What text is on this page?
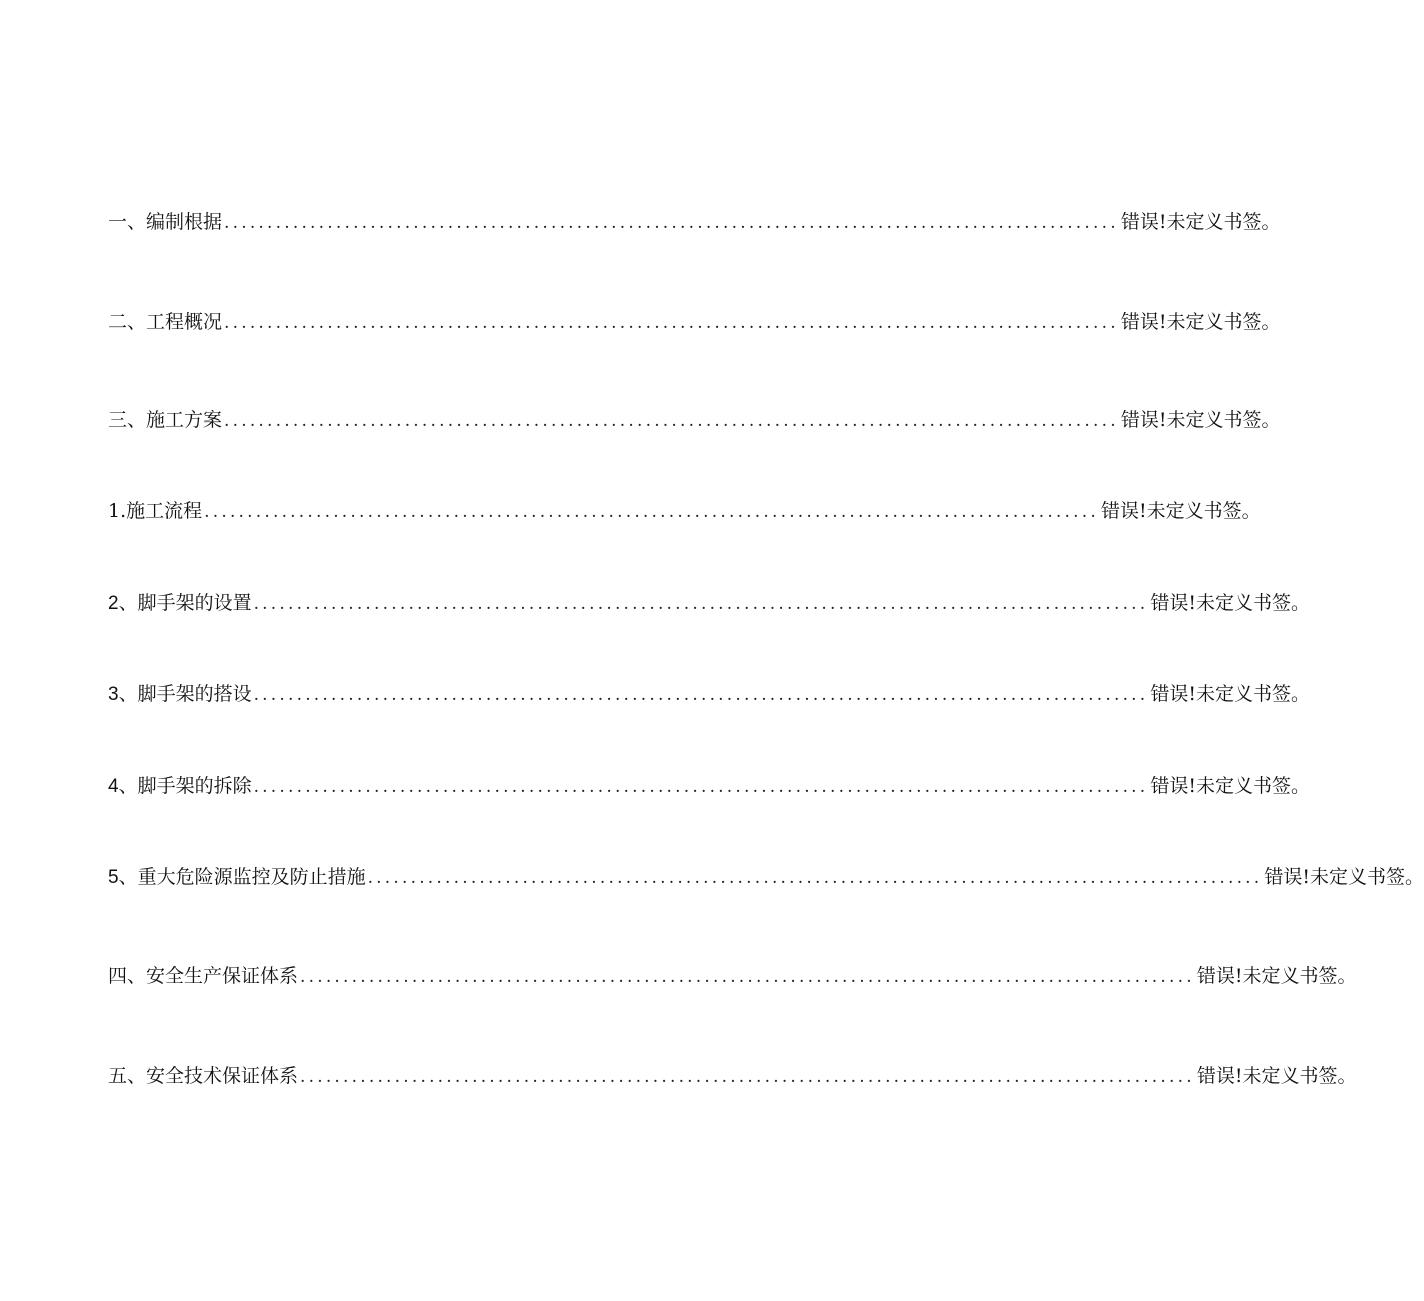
一、编制根据 ........................................................................................................ 错误!未定义书签。
二、工程概况 ........................................................................................................ 错误!未定义书签。
三、施工方案 ........................................................................................................ 错误!未定义书签。
1.施工流程 ........................................................................................................ 错误!未定义书签。
2、脚手架的设置 ........................................................................................................ 错误!未定义书签。
3、脚手架的搭设 ........................................................................................................ 错误!未定义书签。
4、脚手架的拆除 ........................................................................................................ 错误!未定义书签。
5、重大危险源监控及防止措施 ........................................................................................................ 错误!未定义书签。
四、安全生产保证体系 ........................................................................................................ 错误!未定义书签。
五、安全技术保证体系 ........................................................................................................ 错误!未定义书签。
